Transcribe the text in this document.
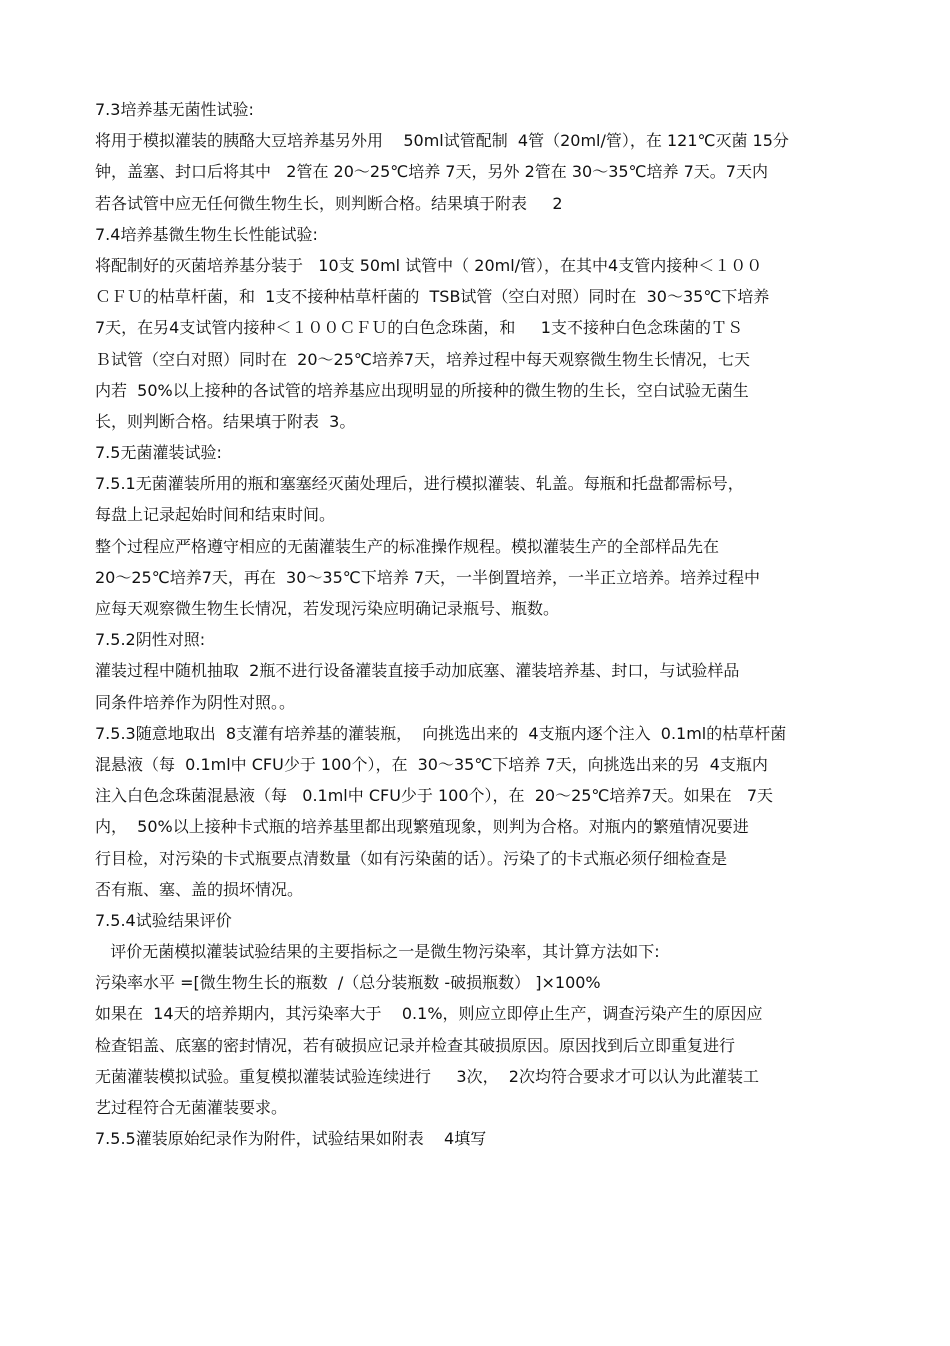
7.3培养基无菌性试验:
将用于模拟灌装的胰酪大豆培养基另外用    50ml试管配制  4管（20ml/管），在 121℃灭菌 15分
钟，盖塞、封口后将其中   2管在 20～25℃培养 7天，另外 2管在 30～35℃培养 7天。7天内
若各试管中应无任何微生物生长，则判断合格。结果填于附表     2
7.4培养基微生物生长性能试验:
将配制好的灭菌培养基分装于   10支 50ml 试管中（ 20ml/管），在其中4支管内接种＜１００
ＣＦＵ的枯草杆菌，和  1支不接种枯草杆菌的  TSB试管（空白对照）同时在  30～35℃下培养
7天，在另4支试管内接种＜１００ＣＦＵ的白色念珠菌，和     1支不接种白色念珠菌的ＴＳ
Ｂ试管（空白对照）同时在  20～25℃培养7天，培养过程中每天观察微生物生长情况，七天
内若  50%以上接种的各试管的培养基应出现明显的所接种的微生物的生长，空白试验无菌生
长，则判断合格。结果填于附表  3。
7.5无菌灌装试验:
7.5.1无菌灌装所用的瓶和塞塞经灭菌处理后，进行模拟灌装、轧盖。每瓶和托盘都需标号，
每盘上记录起始时间和结束时间。
整个过程应严格遵守相应的无菌灌装生产的标准操作规程。模拟灌装生产的全部样品先在
20～25℃培养7天，再在  30～35℃下培养 7天，一半倒置培养，一半正立培养。培养过程中
应每天观察微生物生长情况，若发现污染应明确记录瓶号、瓶数。
7.5.2阴性对照:
灌装过程中随机抽取  2瓶不进行设备灌装直接手动加底塞、灌装培养基、封口，与试验样品
同条件培养作为阴性对照。。
7.5.3随意地取出  8支灌有培养基的灌装瓶，  向挑选出来的  4支瓶内逐个注入  0.1ml的枯草杆菌
混悬液（每  0.1ml中 CFU少于 100个），在  30～35℃下培养 7天，向挑选出来的另  4支瓶内
注入白色念珠菌混悬液（每   0.1ml中 CFU少于 100个），在  20～25℃培养7天。如果在   7天
内，  50%以上接种卡式瓶的培养基里都出现繁殖现象，则判为合格。对瓶内的繁殖情况要进
行目检，对污染的卡式瓶要点清数量（如有污染菌的话）。污染了的卡式瓶必须仔细检查是
否有瓶、塞、盖的损坏情况。
7.5.4试验结果评价
评价无菌模拟灌装试验结果的主要指标之一是微生物污染率，其计算方法如下:
污染率水平 =[微生物生长的瓶数  /（总分装瓶数 -破损瓶数） ]×100%
如果在  14天的培养期内，其污染率大于    0.1%，则应立即停止生产，调查污染产生的原因应
检查铝盖、底塞的密封情况，若有破损应记录并检查其破损原因。原因找到后立即重复进行
无菌灌装模拟试验。重复模拟灌装试验连续进行     3次，  2次均符合要求才可以认为此灌装工
艺过程符合无菌灌装要求。
7.5.5灌装原始纪录作为附件，试验结果如附表    4填写
